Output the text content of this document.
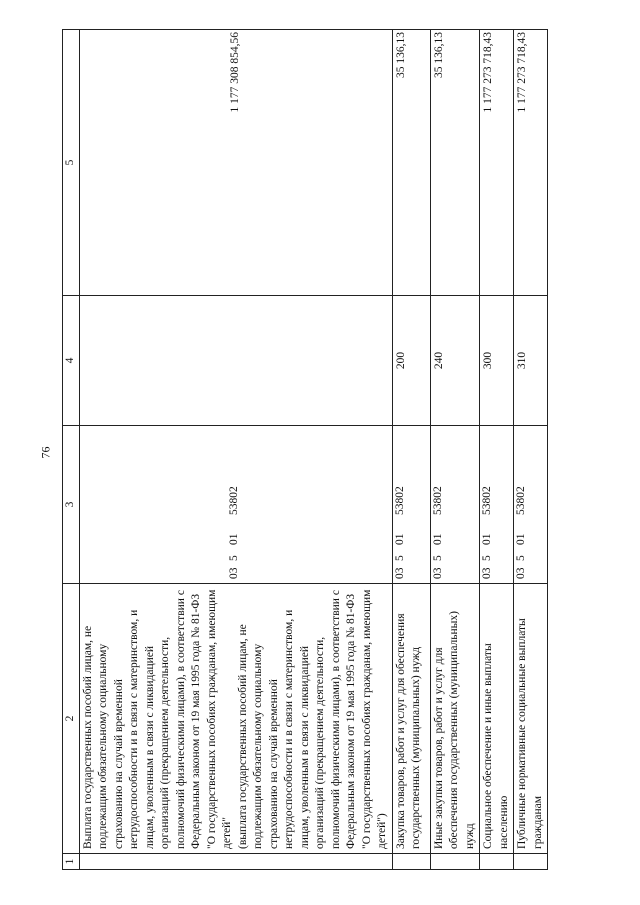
76
1	2	3	4	5

	Выплата государственных пособий лицам, не подлежащим обязательному социальному страхованию на случай временной нетрудоспособности и в связи с материнством, и лицам, уволенным в связи с ликвидацией организаций (прекращением деятельности, полномочий физическими лицами), в соответствии с Федеральным законом от 19 мая 1995 года № 81-ФЗ "О государственных пособиях гражданам, имеющим детей" (выплата государственных пособий лицам, не подлежащим обязательному социальному страхованию на случай временной нетрудоспособности и в связи с материнством, и лицам, уволенным в связи с ликвидацией организаций (прекращением деятельности, полномочий физическими лицами), в соответствии с Федеральным законом от 19 мая 1995 года № 81-ФЗ "О государственных пособиях гражданам, имеющим детей")	0350153802		1 177 308 854,56
	Закупка товаров, работ и услуг для обеспечения государственных (муниципальных) нужд	0350153802	200	35 136,13
	Иные закупки товаров, работ и услуг для обеспечения государственных (муниципальных) нужд	0350153802	240	35 136,13
	Социальное обеспечение и иные выплаты населению	0350153802	300	1 177 273 718,43
	Публичные нормативные социальные выплаты гражданам	0350153802	310	1 177 273 718,43
